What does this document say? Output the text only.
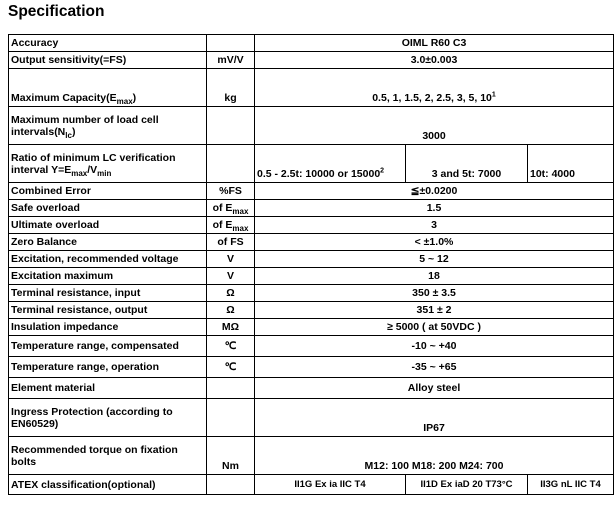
Specification
Accuracy		OIML R60 C3		
Output sensitivity(=FS)	mV/V	3.0±0.003		
Maximum $Capacity(E_{max})$	kg	0.5, 1, 1.5, 2, 2.5, 3, 5, $10^1$
Maximum number of load cell $intervals(N_{lc})$		3000		
Ratio of minimum LC verification interval $Y=E_{max}/V_{min}$		0.5 - 2.5t: 10000 or 15000$^2$	3 and 5t: 7000	10t: 4000
Combined Error	%FS	≦±0.0200		
Safe overload	of $E_{max}$	1.5		
Ultimate overload	of $E_{max}$	3		
Zero Balance	of FS	< ±1.0%		
Excitation, recommended voltage	V	5 ~ 12		
Excitation maximum	V	18		
Terminal resistance, input	Ω	350 ± 3.5		
Terminal resistance, output	Ω	351 ± 2		
Insulation impedance	MΩ	≥ 5000 ( at 50VDC )		
Temperature range, compensated	℃	-10 ~ +40		
Temperature range, operation	℃	-35 ~ +65		
Element material		Alloy steel		
Ingress Protection (according to EN60529)		IP67		
Recommended torque on fixation bolts	Nm	M12: 100 M18: 200 M24: 700		
ATEX classification(optional)		II1G Ex ia IIC T4	II1D Ex iaD 20 T73°C	II3G nL IIC T4
